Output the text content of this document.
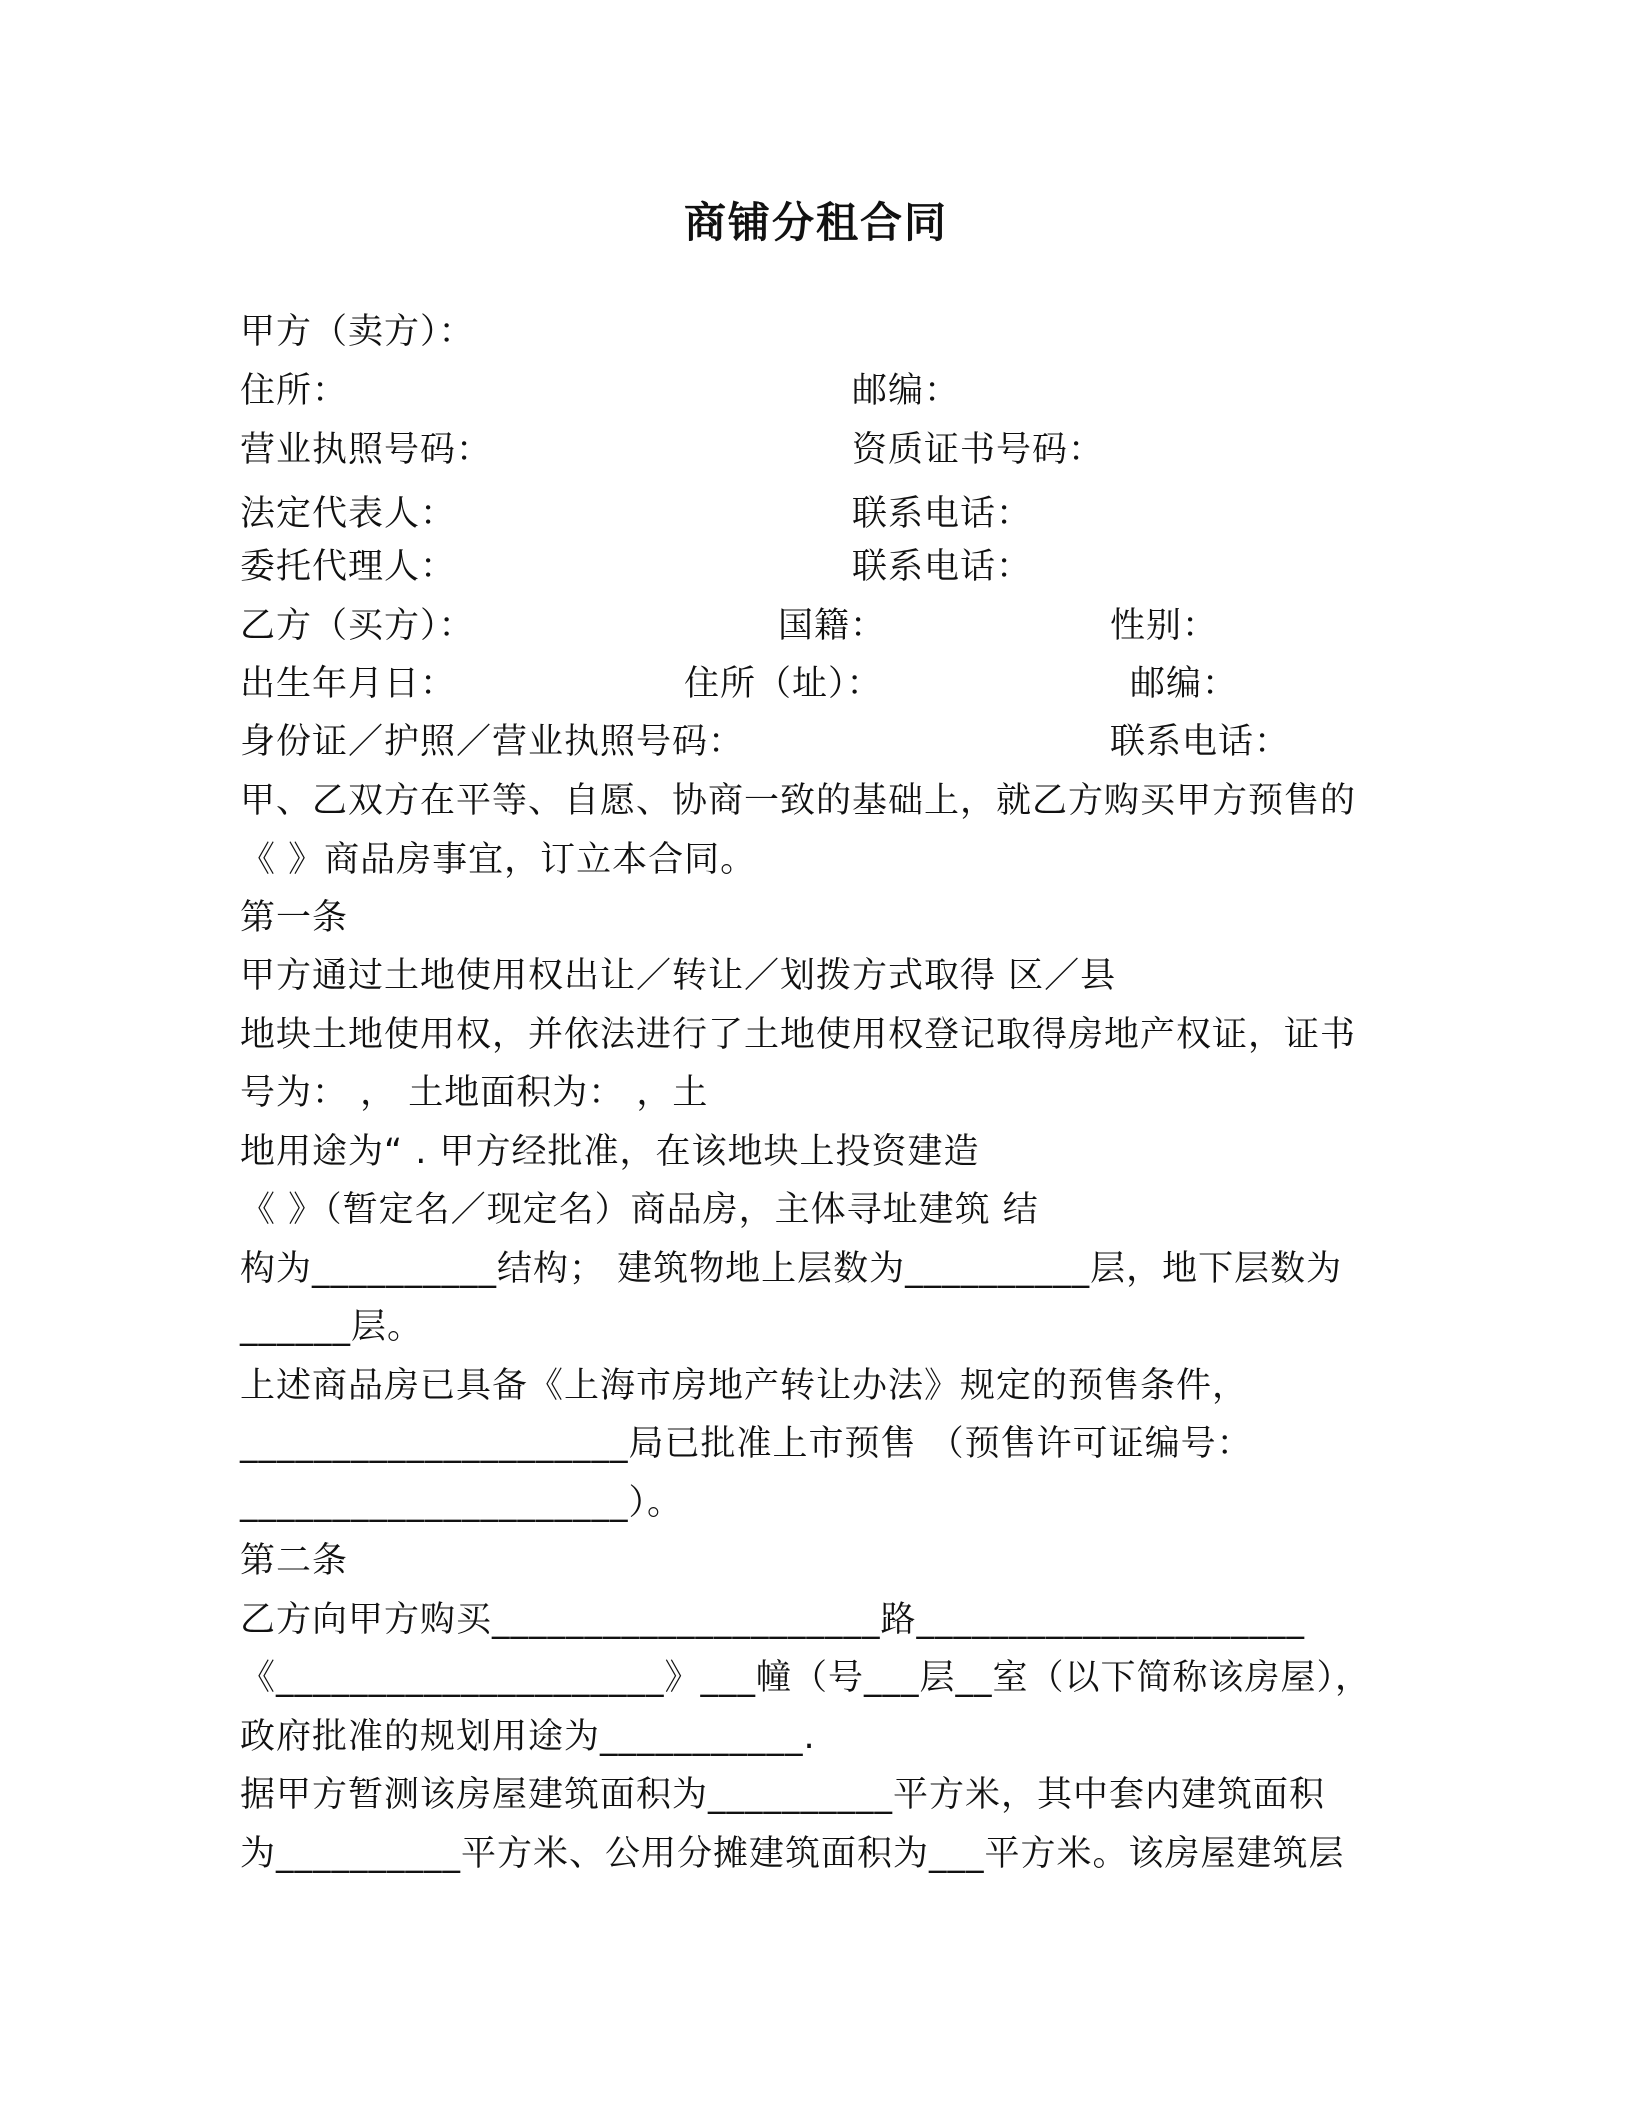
商铺分租合同
甲方（卖方）：
住所：	邮编：
营业执照号码：	资质证书号码：
法定代表人：	联系电话：
委托代理人：	联系电话：
乙方（买方）：	国籍：	性别：
出生年月日：	住所（址）：	邮编：
身份证／护照／营业执照号码：	联系电话：
甲、乙双方在平等、自愿、协商一致的基础上，就乙方购买甲方预售的
《 》商品房事宜，订立本合同。
第一条
甲方通过土地使用权出让／转让／划拨方式取得 区／县
地块土地使用权，并依法进行了土地使用权登记取得房地产权证，证书
号为： ， 土地面积为： ，土
地用途为“ . 甲方经批准，在该地块上投资建造
《 》（暂定名／现定名）商品房，主体寻址建筑 结
构为__________结构； 建筑物地上层数为__________层，地下层数为
______层。
上述商品房已具备《上海市房地产转让办法》规定的预售条件，
_____________________局已批准上市预售 （预售许可证编号：
_____________________）。
第二条
乙方向甲方购买_____________________路_____________________
《_____________________》___幢（号___层__室（以下简称该房屋），
政府批准的规划用途为___________.
据甲方暂测该房屋建筑面积为__________平方米，其中套内建筑面积
为__________平方米、公用分摊建筑面积为___平方米。该房屋建筑层
